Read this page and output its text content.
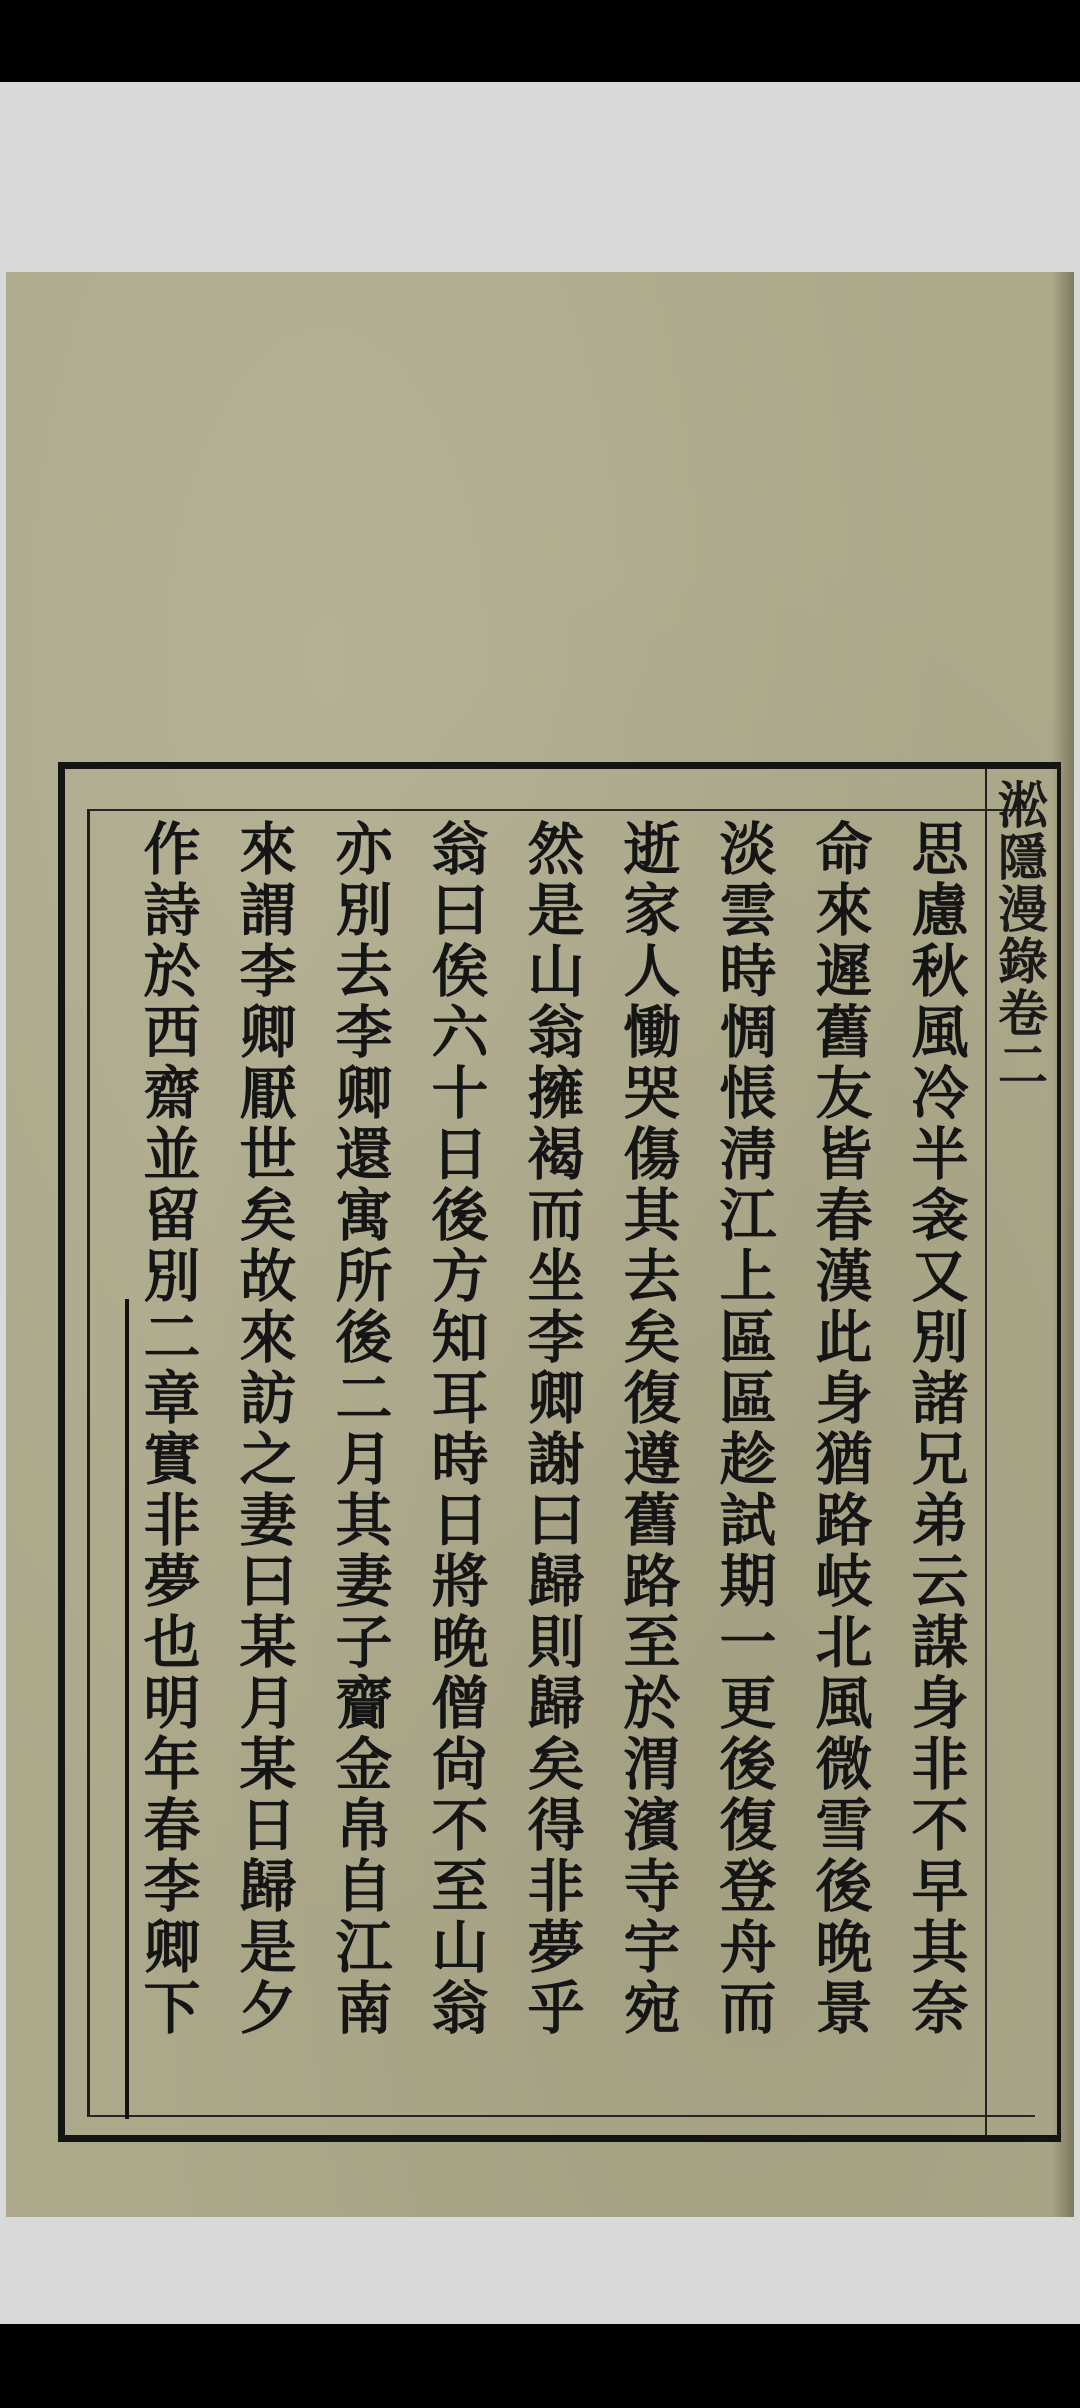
淞隱漫錄卷二
思慮秋風冷半衾又別諸兄弟云謀身非不早其奈
命來遲舊友皆春漢此身猶路岐北風微雪後晚景
淡雲時惆悵淸江上區區趁試期一更後復登舟而
逝家人慟哭傷其去矣復遵舊路至於渭濱寺宇宛
然是山翁擁褐而坐李卿謝曰歸則歸矣得非夢乎
翁曰俟六十日後方知耳時日將晚僧尙不至山翁
亦別去李卿還寓所後二月其妻子齎金帛自江南
來謂李卿厭世矣故來訪之妻曰某月某日歸是夕
作詩於西齋並留別二章實非夢也明年春李卿下
